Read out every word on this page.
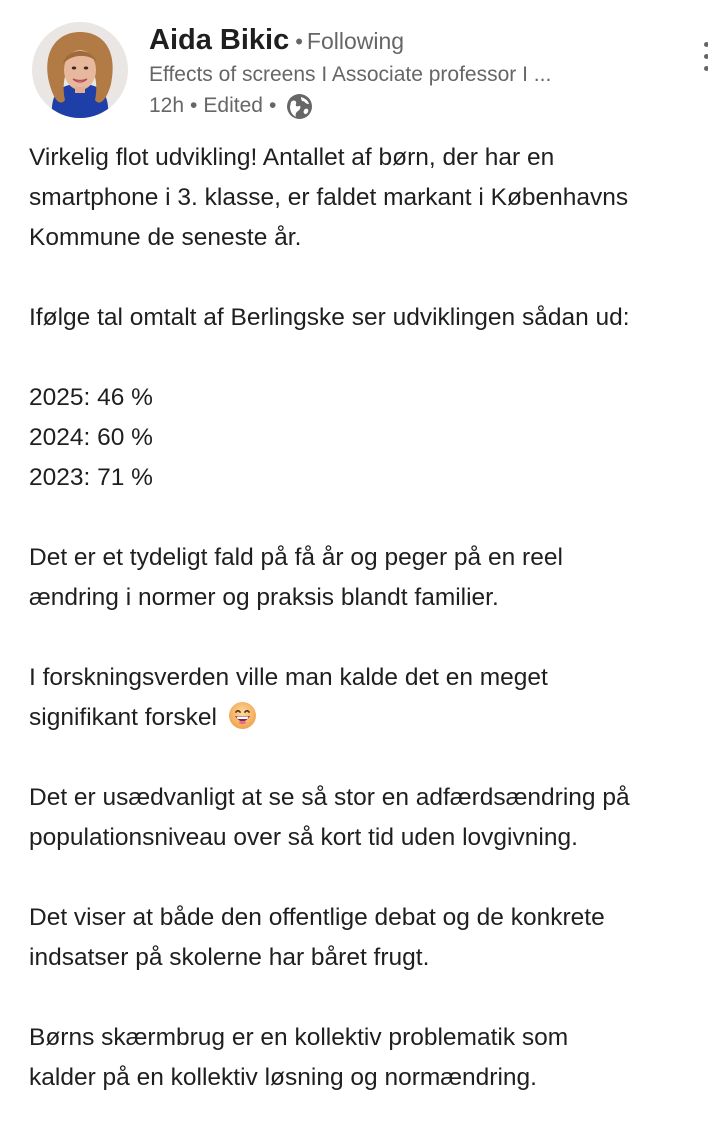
Aida Bikic • Following
Effects of screens I Associate professor I ...
12h • Edited •
Virkelig flot udvikling! Antallet af børn, der har en
smartphone i 3. klasse, er faldet markant i Københavns
Kommune de seneste år.
Ifølge tal omtalt af Berlingske ser udviklingen sådan ud:
2025: 46 %
2024: 60 %
2023: 71 %
Det er et tydeligt fald på få år og peger på en reel
ændring i normer og praksis blandt familier.
I forskningsverden ville man kalde det en meget
signifikant forskel
Det er usædvanligt at se så stor en adfærdsændring på
populationsniveau over så kort tid uden lovgivning.
Det viser at både den offentlige debat og de konkrete
indsatser på skolerne har båret frugt.
Børns skærmbrug er en kollektiv problematik som
kalder på en kollektiv løsning og normændring.
